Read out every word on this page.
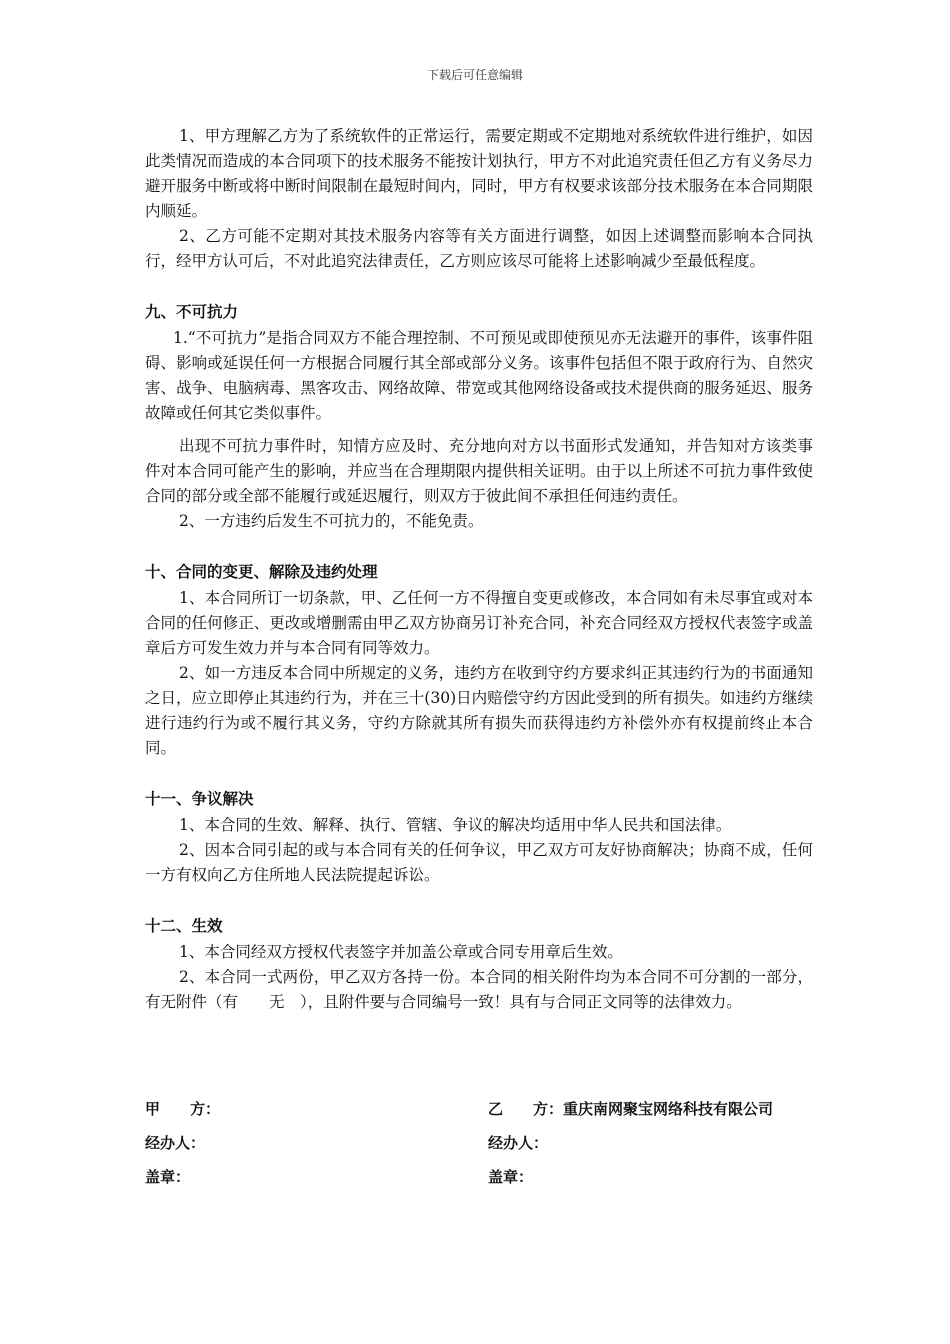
下载后可任意编辑

1、甲方理解乙方为了系统软件的正常运行，需要定期或不定期地对系统软件进行维护，如因此类情况而造成的本合同项下的技术服务不能按计划执行，甲方不对此追究责任但乙方有义务尽力避开服务中断或将中断时间限制在最短时间内，同时，甲方有权要求该部分技术服务在本合同期限内顺延。

2、乙方可能不定期对其技术服务内容等有关方面进行调整，如因上述调整而影响本合同执行，经甲方认可后，不对此追究法律责任，乙方则应该尽可能将上述影响减少至最低程度。

九、不可抗力

1.“不可抗力”是指合同双方不能合理控制、不可预见或即使预见亦无法避开的事件，该事件阻碍、影响或延误任何一方根据合同履行其全部或部分义务。该事件包括但不限于政府行为、自然灾害、战争、电脑病毒、黑客攻击、网络故障、带宽或其他网络设备或技术提供商的服务延迟、服务故障或任何其它类似事件。

出现不可抗力事件时，知情方应及时、充分地向对方以书面形式发通知，并告知对方该类事件对本合同可能产生的影响，并应当在合理期限内提供相关证明。由于以上所述不可抗力事件致使合同的部分或全部不能履行或延迟履行，则双方于彼此间不承担任何违约责任。

2、一方违约后发生不可抗力的，不能免责。

十、合同的变更、解除及违约处理

1、本合同所订一切条款，甲、乙任何一方不得擅自变更或修改，本合同如有未尽事宜或对本合同的任何修正、更改或增删需由甲乙双方协商另订补充合同，补充合同经双方授权代表签字或盖章后方可发生效力并与本合同有同等效力。

2、如一方违反本合同中所规定的义务，违约方在收到守约方要求纠正其违约行为的书面通知之日，应立即停止其违约行为，并在三十(30)日内赔偿守约方因此受到的所有损失。如违约方继续进行违约行为或不履行其义务，守约方除就其所有损失而获得违约方补偿外亦有权提前终止本合同。

十一、争议解决

1、本合同的生效、解释、执行、管辖、争议的解决均适用中华人民共和国法律。

2、因本合同引起的或与本合同有关的任何争议，甲乙双方可友好协商解决；协商不成，任何一方有权向乙方住所地人民法院提起诉讼。

十二、生效

1、本合同经双方授权代表签字并加盖公章或合同专用章后生效。

2、本合同一式两份，甲乙双方各持一份。本合同的相关附件均为本合同不可分割的一部分，有无附件（有　　无　），且附件要与合同编号一致！具有与合同正文同等的法律效力。

甲　　方：	乙　　方：重庆南网聚宝网络科技有限公司
经办人：	经办人：
盖章：	盖章：
